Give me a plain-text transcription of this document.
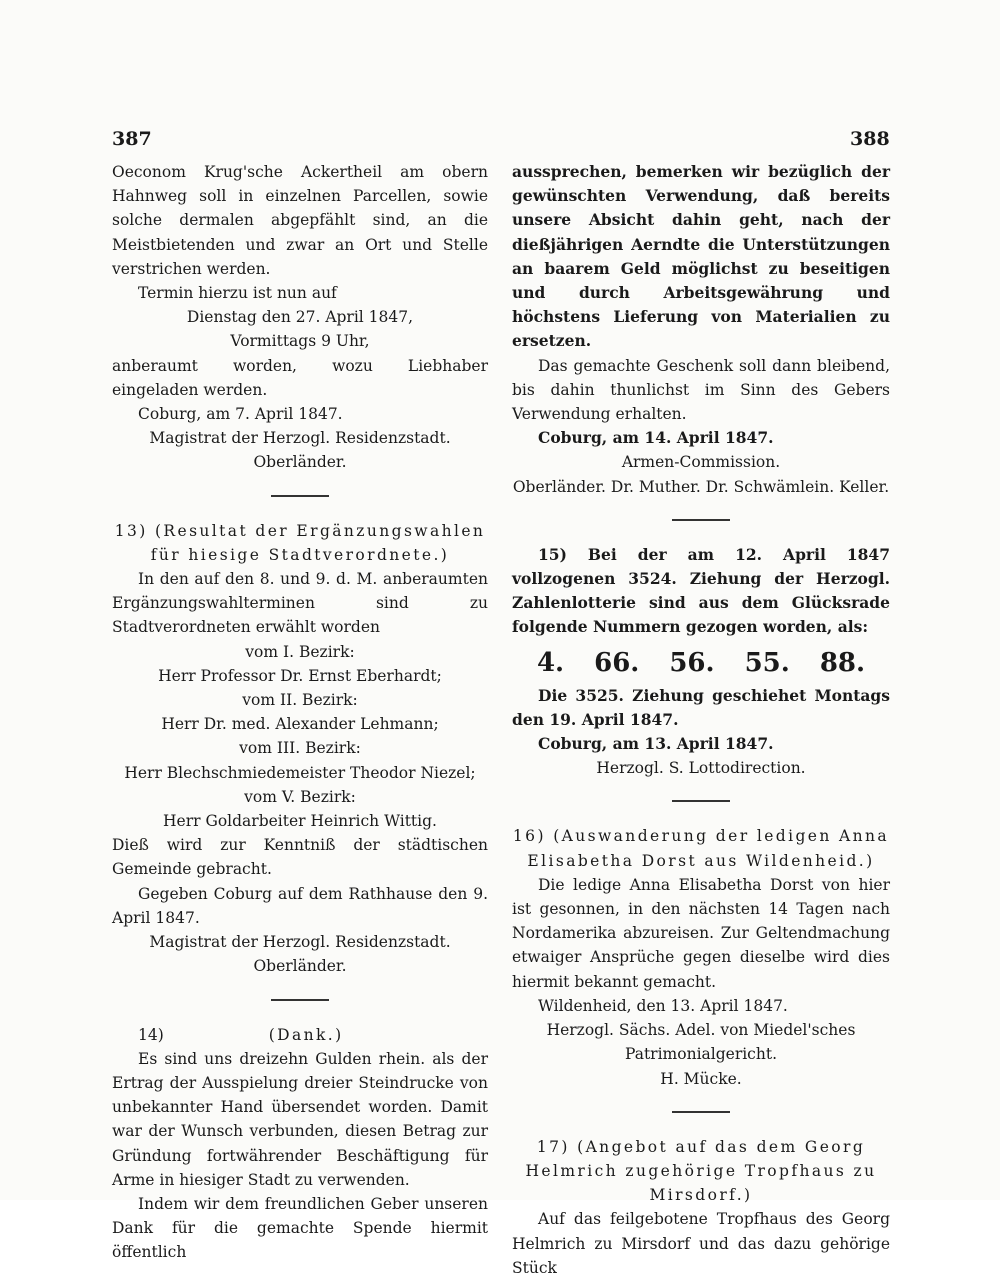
387	388

Oeconom Krug'sche Ackertheil am obern Hahnweg soll in einzelnen Parcellen, sowie solche dermalen abgepfählt sind, an die Meistbietenden und zwar an Ort und Stelle verstrichen werden.

Termin hierzu ist nun auf

Dienstag den 27. April 1847,

Vormittags 9 Uhr,

anberaumt worden, wozu Liebhaber eingeladen werden.

Coburg, am 7. April 1847.

Magistrat der Herzogl. Residenzstadt.

Oberländer.

13) (Resultat der Ergänzungswahlen für hiesige Stadtverordnete.)

In den auf den 8. und 9. d. M. anberaumten Ergänzungswahlterminen sind zu Stadtverordneten erwählt worden

vom I. Bezirk:

Herr Professor Dr. Ernst Eberhardt;

vom II. Bezirk:

Herr Dr. med. Alexander Lehmann;

vom III. Bezirk:

Herr Blechschmiedemeister Theodor Niezel;

vom V. Bezirk:

Herr Goldarbeiter Heinrich Wittig.

Dieß wird zur Kenntniß der städtischen Gemeinde gebracht.

Gegeben Coburg auf dem Rathhause den 9. April 1847.

Magistrat der Herzogl. Residenzstadt.

Oberländer.

14)	(Dank.)

Es sind uns dreizehn Gulden rhein. als der Ertrag der Ausspielung dreier Steindrucke von unbekannter Hand übersendet worden. Damit war der Wunsch verbunden, diesen Betrag zur Gründung fortwährender Beschäftigung für Arme in hiesiger Stadt zu verwenden.

Indem wir dem freundlichen Geber unseren Dank für die gemachte Spende hiermit öffentlich

aussprechen, bemerken wir bezüglich der gewünschten Verwendung, daß bereits unsere Absicht dahin geht, nach der dießjährigen Aerndte die Unterstützungen an baarem Geld möglichst zu beseitigen und durch Arbeitsgewährung und höchstens Lieferung von Materialien zu ersetzen.

Das gemachte Geschenk soll dann bleibend, bis dahin thunlichst im Sinn des Gebers Verwendung erhalten.

Coburg, am 14. April 1847.

Armen-Commission.

Oberländer. Dr. Muther. Dr. Schwämlein. Keller.

15) Bei der am 12. April 1847 vollzogenen 3524. Ziehung der Herzogl. Zahlenlotterie sind aus dem Glücksrade folgende Nummern gezogen worden, als:

4. 66. 56. 55. 88.

Die 3525. Ziehung geschiehet Montags den 19. April 1847.

Coburg, am 13. April 1847.

Herzogl. S. Lottodirection.

16) (Auswanderung der ledigen Anna Elisabetha Dorst aus Wildenheid.)

Die ledige Anna Elisabetha Dorst von hier ist gesonnen, in den nächsten 14 Tagen nach Nordamerika abzureisen. Zur Geltendmachung etwaiger Ansprüche gegen dieselbe wird dies hiermit bekannt gemacht.

Wildenheid, den 13. April 1847.

Herzogl. Sächs. Adel. von Miedel'sches Patrimonialgericht.

H. Mücke.

17) (Angebot auf das dem Georg Helmrich zugehörige Tropfhaus zu Mirsdorf.)

Auf das feilgebotene Tropfhaus des Georg Helmrich zu Mirsdorf und das dazu gehörige Stück
